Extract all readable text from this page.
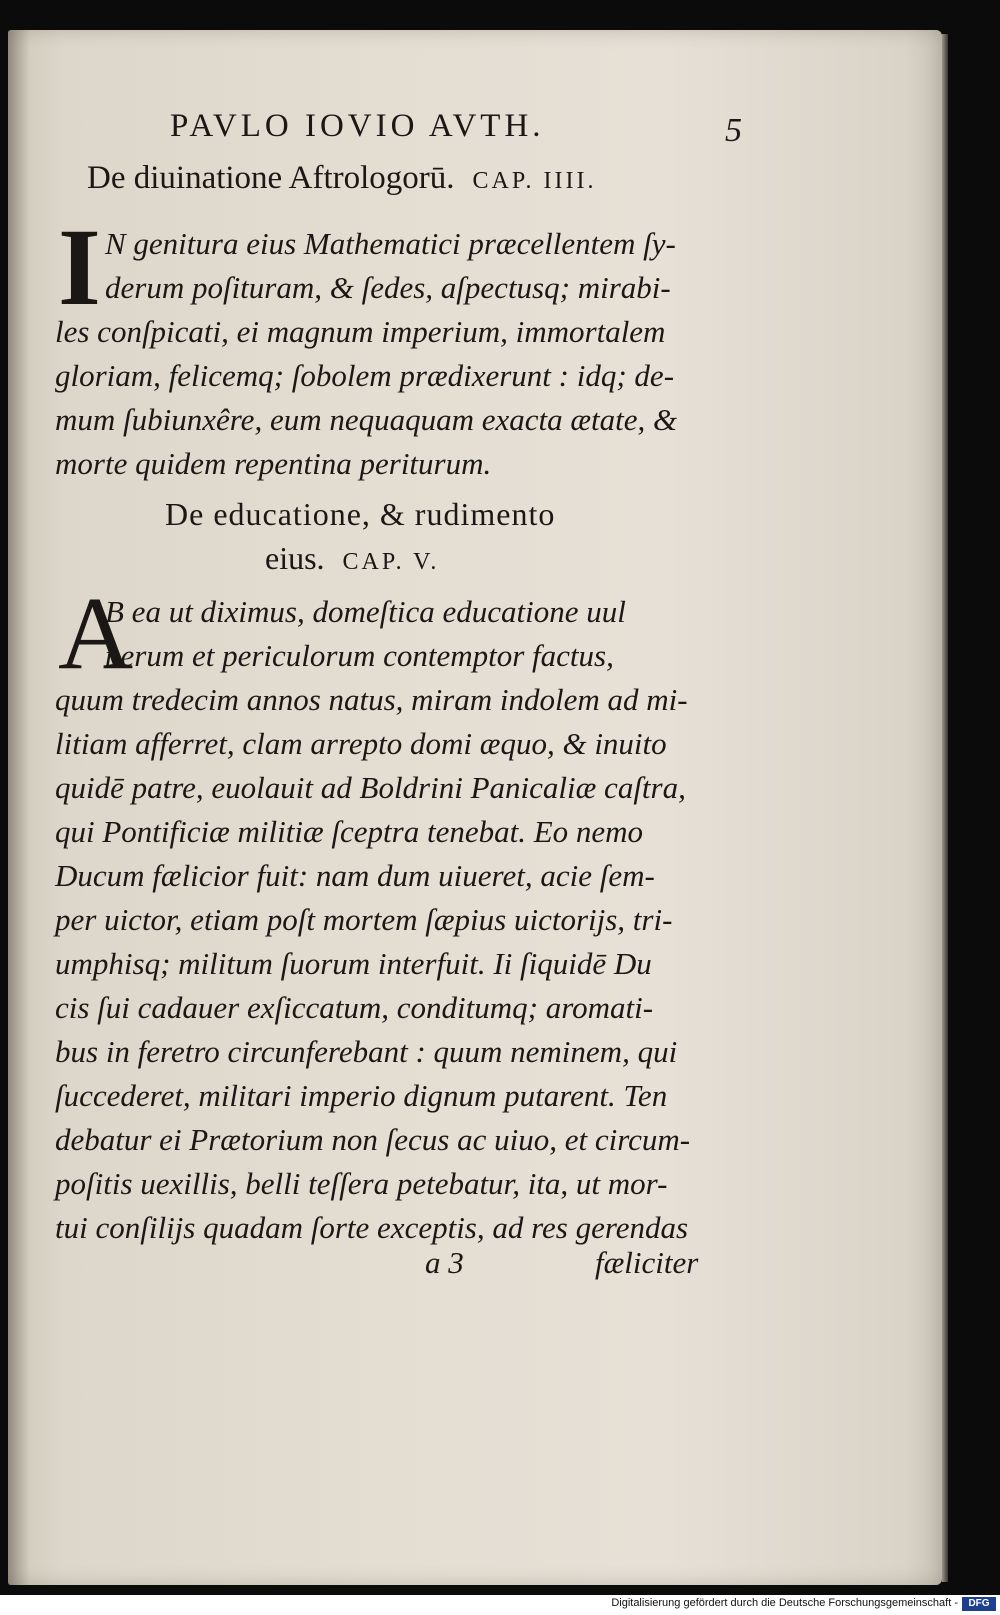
PAVLO IOVIO AVTH.	5
De diuinatione Aftrologorū. CAP. IIII.
I N genitura eius Mathematici præcellentem ſy-
derum poſituram, & ſedes, aſpectusq; mirabi-
les conſpicati, ei magnum imperium, immortalem
gloriam, felicemq; ſobolem prædixerunt : idq; de-
mum ſubiunxêre, eum nequaquam exacta ætate, &
morte quidem repentina periturum.
De educatione, & rudimento
eius. CAP. V.
A
B ea ut diximus, domeſtica educatione uul
nerum et periculorum contemptor factus,
quum tredecim annos natus, miram indolem ad mi-
litiam afferret, clam arrepto domi æquo, & inuito
quidē patre, euolauit ad Boldrini Panicaliæ caſtra,
qui Pontificiæ militiæ ſceptra tenebat. Eo nemo
Ducum fælicior fuit: nam dum uiueret, acie ſem-
per uictor, etiam poſt mortem ſæpius uictorijs, tri-
umphisq; militum ſuorum interfuit. Ii ſiquidē Du
cis ſui cadauer exſiccatum, conditumq; aromati-
bus in feretro circunferebant : quum neminem, qui
ſuccederet, militari imperio dignum putarent. Ten
debatur ei Prætorium non ſecus ac uiuo, et circum-
poſitis uexillis, belli teſſera petebatur, ita, ut mor-
tui conſilijs quadam ſorte exceptis, ad res gerendas
a 3	fæliciter
Digitalisierung gefördert durch die Deutsche Forschungsgemeinschaft -	DFG
